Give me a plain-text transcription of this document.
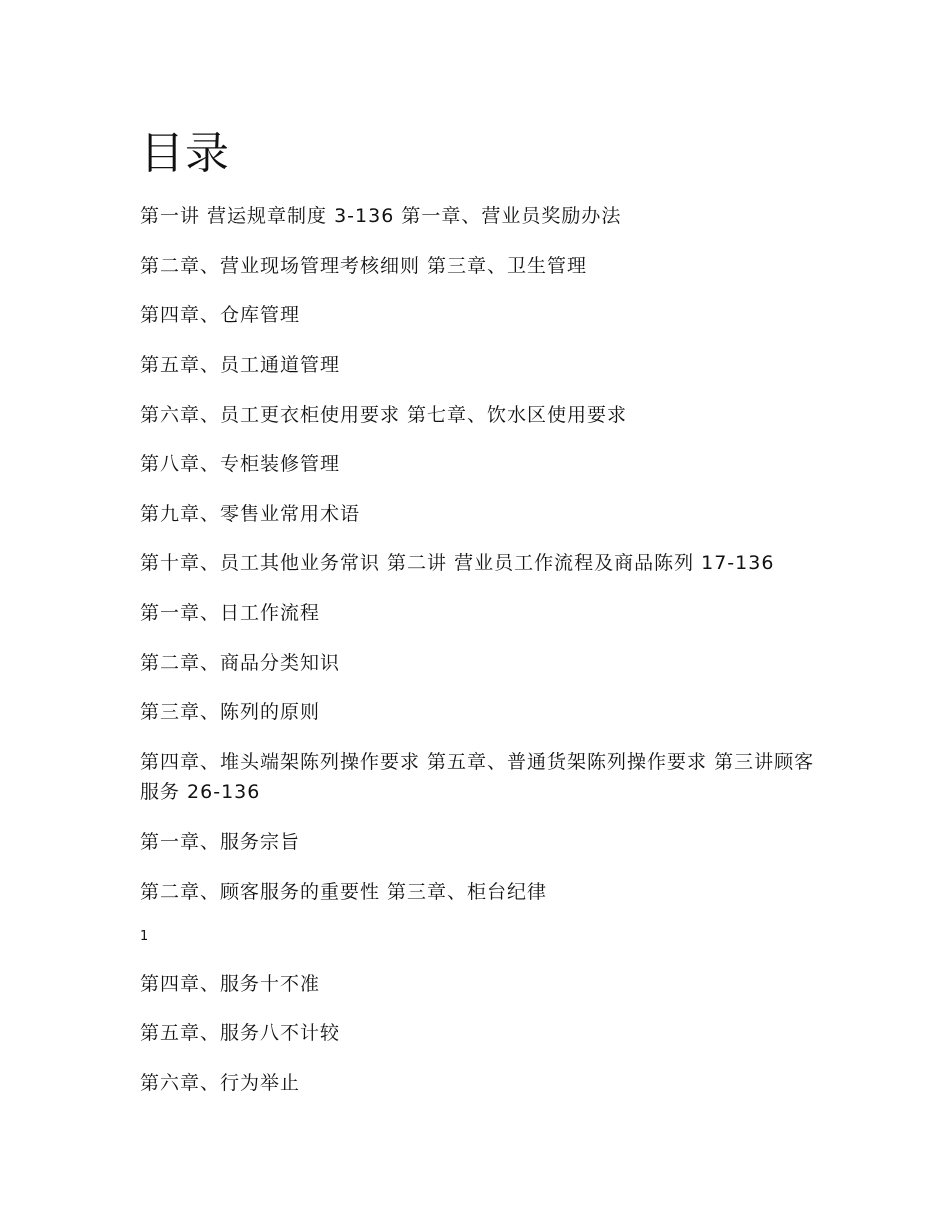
目录
第一讲 营运规章制度 3-136 第一章、营业员奖励办法
第二章、营业现场管理考核细则 第三章、卫生管理
第四章、仓库管理
第五章、员工通道管理
第六章、员工更衣柜使用要求 第七章、饮水区使用要求
第八章、专柜装修管理
第九章、零售业常用术语
第十章、员工其他业务常识 第二讲 营业员工作流程及商品陈列 17-136
第一章、日工作流程
第二章、商品分类知识
第三章、陈列的原则
第四章、堆头端架陈列操作要求 第五章、普通货架陈列操作要求 第三讲顾客服务 26-136
第一章、服务宗旨
第二章、顾客服务的重要性 第三章、柜台纪律
第四章、服务十不准
第五章、服务八不计较
第六章、行为举止
1
